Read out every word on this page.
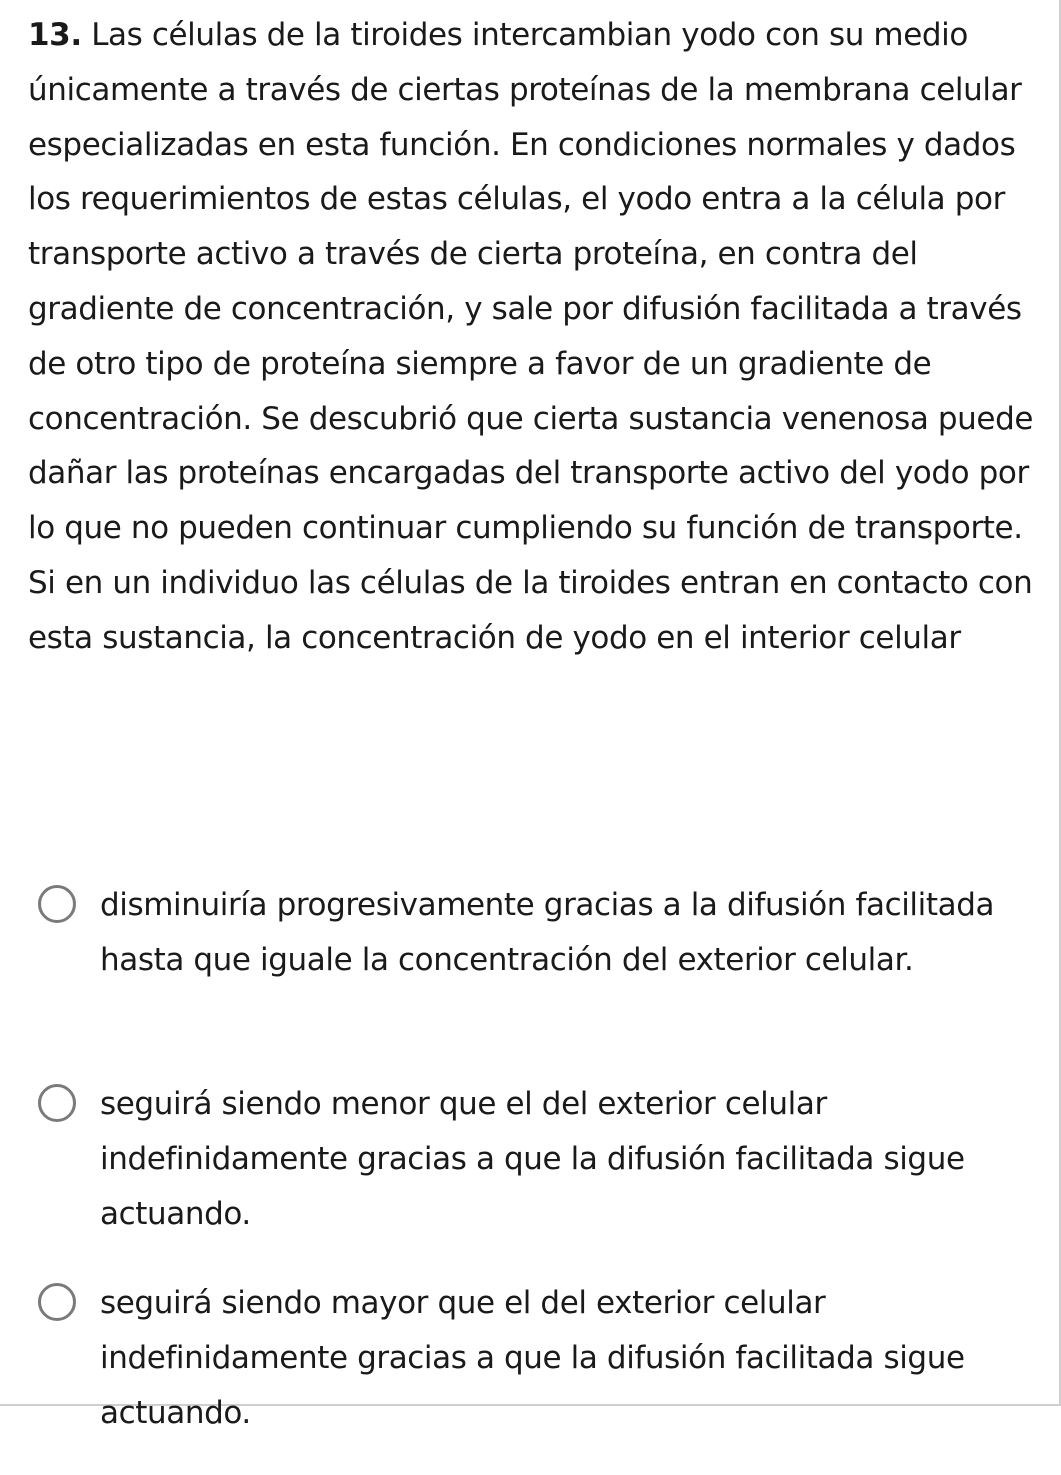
13. Las células de la tiroides intercambian yodo con su medio únicamente a través de ciertas proteínas de la membrana celular especializadas en esta función. En condiciones normales y dados los requerimientos de estas células, el yodo entra a la célula por transporte activo a través de cierta proteína, en contra del gradiente de concentración, y sale por difusión facilitada a través de otro tipo de proteína siempre a favor de un gradiente de concentración. Se descubrió que cierta sustancia venenosa puede dañar las proteínas encargadas del transporte activo del yodo por lo que no pueden continuar cumpliendo su función de transporte. Si en un individuo las células de la tiroides entran en contacto con esta sustancia, la concentración de yodo en el interior celular

disminuiría progresivamente gracias a la difusión facilitada hasta que iguale la concentración del exterior celular.
seguirá siendo menor que el del exterior celular indefinidamente gracias a que la difusión facilitada sigue actuando.
seguirá siendo mayor que el del exterior celular indefinidamente gracias a que la difusión facilitada sigue actuando.
